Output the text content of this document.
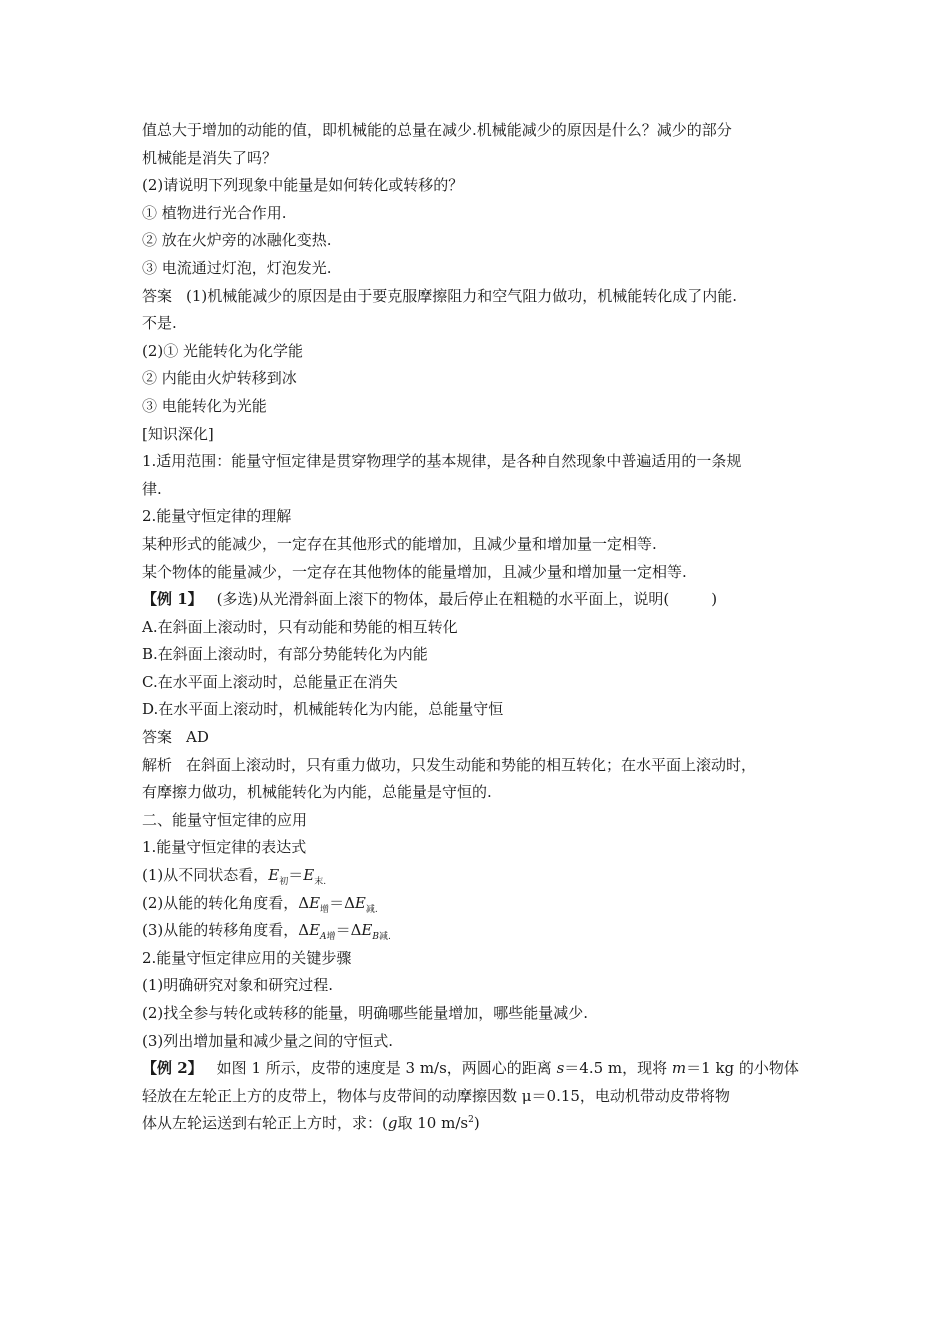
值总大于增加的动能的值，即机械能的总量在减少.机械能减少的原因是什么？减少的部分
机械能是消失了吗？
(2)请说明下列现象中能量是如何转化或转移的？
① 植物进行光合作用.
② 放在火炉旁的冰融化变热.
③ 电流通过灯泡，灯泡发光.
答案 (1)机械能减少的原因是由于要克服摩擦阻力和空气阻力做功，机械能转化成了内能.
不是.
(2)① 光能转化为化学能
② 内能由火炉转移到冰
③ 电能转化为光能
[知识深化]
1.适用范围：能量守恒定律是贯穿物理学的基本规律，是各种自然现象中普遍适用的一条规
律.
2.能量守恒定律的理解
某种形式的能减少，一定存在其他形式的能增加，且减少量和增加量一定相等.
某个物体的能量减少，一定存在其他物体的能量增加，且减少量和增加量一定相等.
【例 1】 (多选)从光滑斜面上滚下的物体，最后停止在粗糙的水平面上，说明(	)
A.在斜面上滚动时，只有动能和势能的相互转化
B.在斜面上滚动时，有部分势能转化为内能
C.在水平面上滚动时，总能量正在消失
D.在水平面上滚动时，机械能转化为内能，总能量守恒
答案 AD
解析 在斜面上滚动时，只有重力做功，只发生动能和势能的相互转化；在水平面上滚动时，
有摩擦力做功，机械能转化为内能，总能量是守恒的.
二、能量守恒定律的应用
1.能量守恒定律的表达式
(1)从不同状态看，$E_初=E_{末.}$
(2)从能的转化角度看，$\Delta E_增=\Delta E_{减.}$
(3)从能的转移角度看，$\Delta E_{A增}=\Delta E_{B减.}$
2.能量守恒定律应用的关键步骤
(1)明确研究对象和研究过程.
(2)找全参与转化或转移的能量，明确哪些能量增加，哪些能量减少.
(3)列出增加量和减少量之间的守恒式.
【例 2】 如图 1 所示，皮带的速度是 3 m/s，两圆心的距离 s＝4.5 m，现将 m＝1 kg 的小物体
轻放在左轮正上方的皮带上，物体与皮带间的动摩擦因数 μ＝0.15，电动机带动皮带将物
体从左轮运送到右轮正上方时，求：(g取 10 $m/s^2$)
